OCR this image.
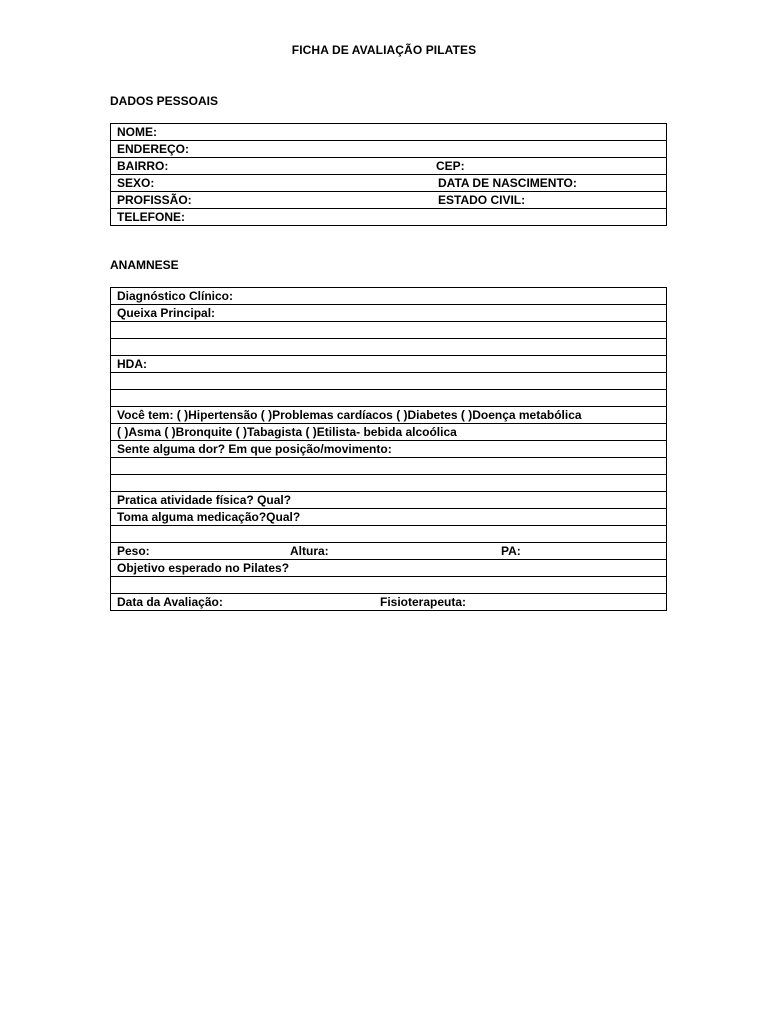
FICHA DE AVALIAÇÃO PILATES
DADOS PESSOAIS
NOME:
ENDEREÇO:
BAIRRO:	CEP:

SEXO:	DATA DE NASCIMENTO:

PROFISSÃO:	ESTADO CIVIL:

TELEFONE:
ANAMNESE
Diagnóstico Clínico:
Queixa Principal:

HDA:

Você tem: ( )Hipertensão ( )Problemas cardíacos ( )Diabetes ( )Doença metabólica
( )Asma ( )Bronquite ( )Tabagista ( )Etilista- bebida alcoólica
Sente alguma dor? Em que posição/movimento:

Pratica atividade física? Qual?
Toma alguma medicação?Qual?

Peso:	Altura:	PA:

Objetivo esperado no Pilates?

Data da Avaliação:	Fisioterapeuta:
